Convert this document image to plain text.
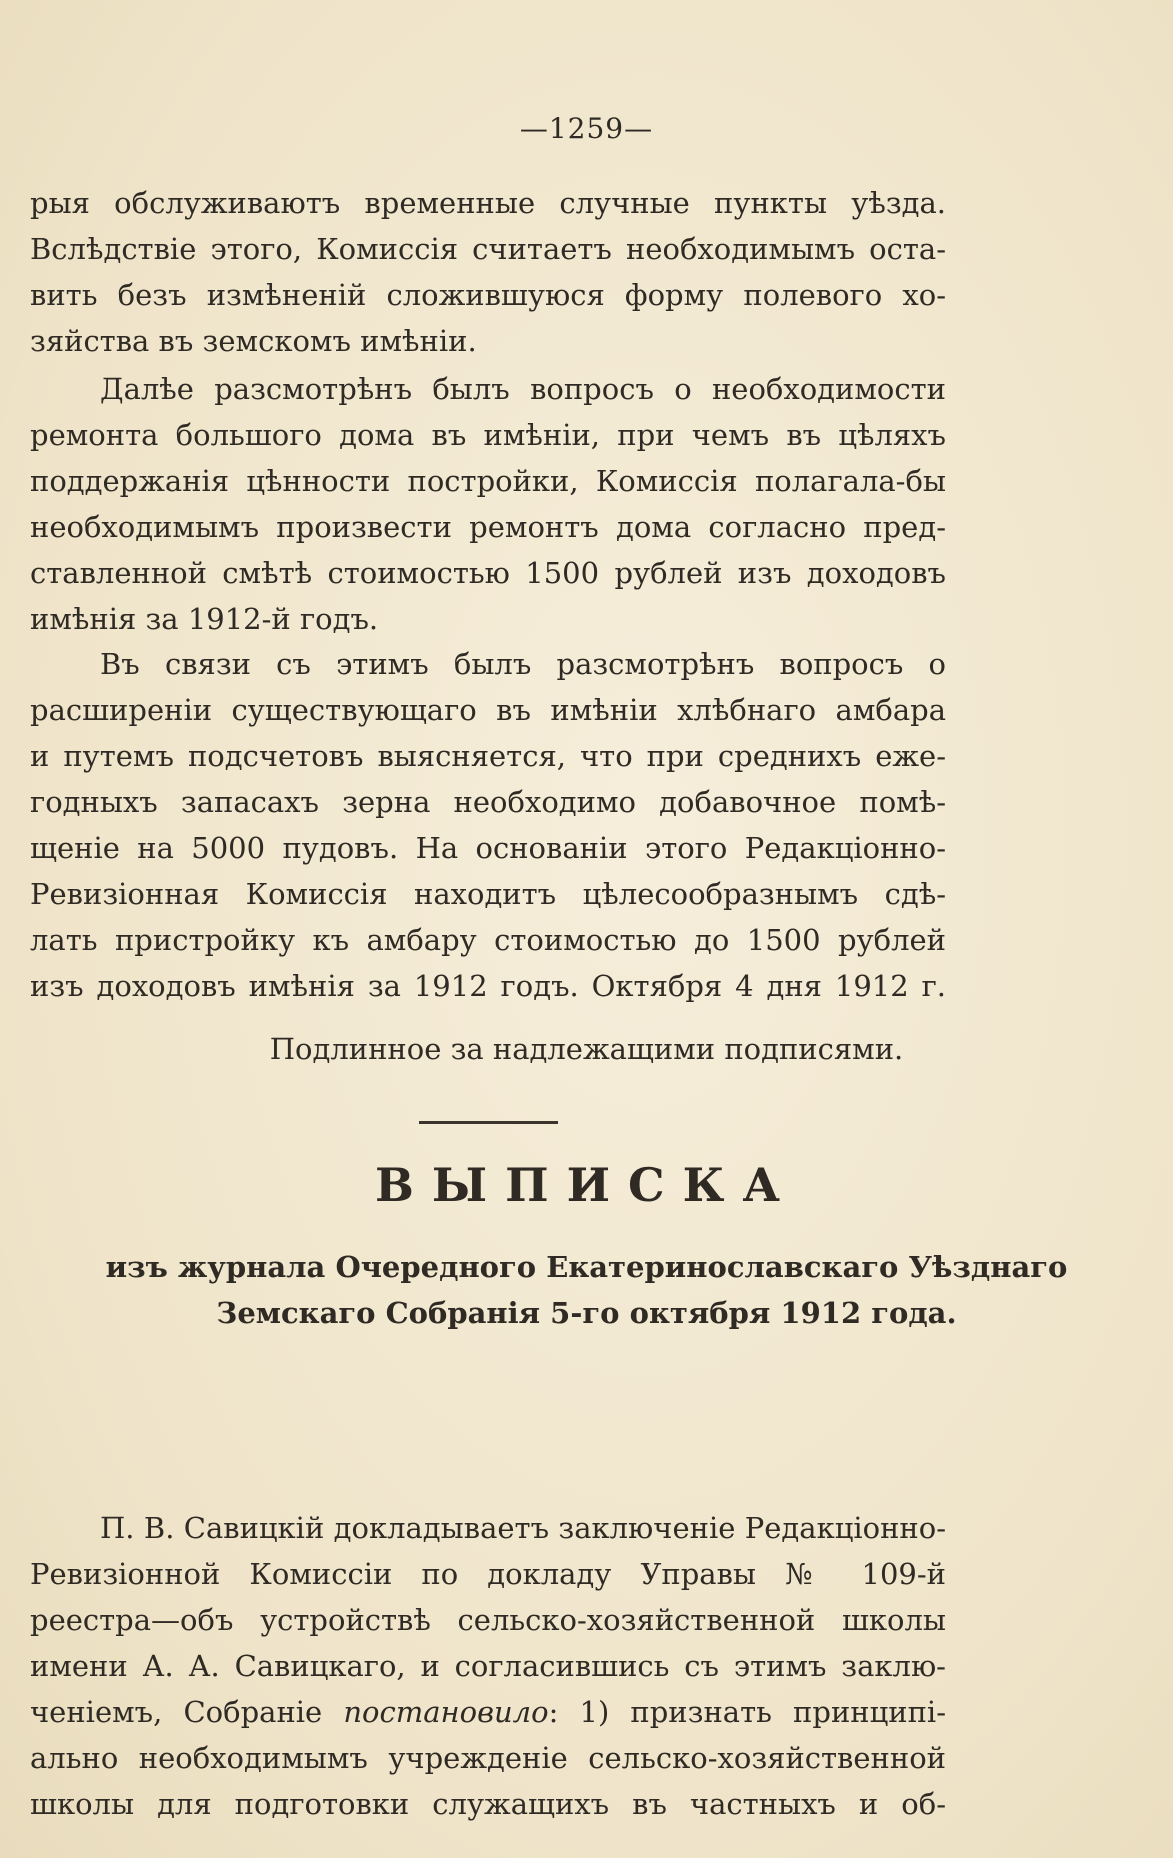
—1259—
рыя обслуживаютъ временные случные пункты уѣзда.
Вслѣдствіе этого, Комиссія считаетъ необходимымъ оста-
вить безъ измѣненій сложившуюся форму полевого хо-
зяйства въ земскомъ имѣніи.
Далѣе разсмотрѣнъ былъ вопросъ о необходимости
ремонта большого дома въ имѣніи, при чемъ въ цѣляхъ
поддержанія цѣнности постройки, Комиссія полагала-бы
необходимымъ произвести ремонтъ дома согласно пред-
ставленной смѣтѣ стоимостью 1500 рублей изъ доходовъ
имѣнія за 1912-й годъ.
Въ связи съ этимъ былъ разсмотрѣнъ вопросъ о
расширеніи существующаго въ имѣніи хлѣбнаго амбара
и путемъ подсчетовъ выясняется, что при среднихъ еже-
годныхъ запасахъ зерна необходимо добавочное помѣ-
щеніе на 5000 пудовъ. На основаніи этого Редакціонно-
Ревизіонная Комиссія находитъ цѣлесообразнымъ сдѣ-
лать пристройку къ амбару стоимостью до 1500 рублей
изъ доходовъ имѣнія за 1912 годъ. Октября 4 дня 1912 г.
Подлинное за надлежащими подписями.
ВЫПИСКА
изъ журнала Очередного Екатеринославскаго Уѣзднаго
Земскаго Собранія 5-го октября 1912 года.
П. В. Савицкій докладываетъ заключеніе Редакціонно-
Ревизіонной Комиссіи по докладу Управы № 109-й
реестра—объ устройствѣ сельско-хозяйственной школы
имени А. А. Савицкаго, и согласившись съ этимъ заклю-
ченіемъ, Собраніе постановило: 1) признать принципі-
ально необходимымъ учрежденіе сельско-хозяйственной
школы для подготовки служащихъ въ частныхъ и об-
